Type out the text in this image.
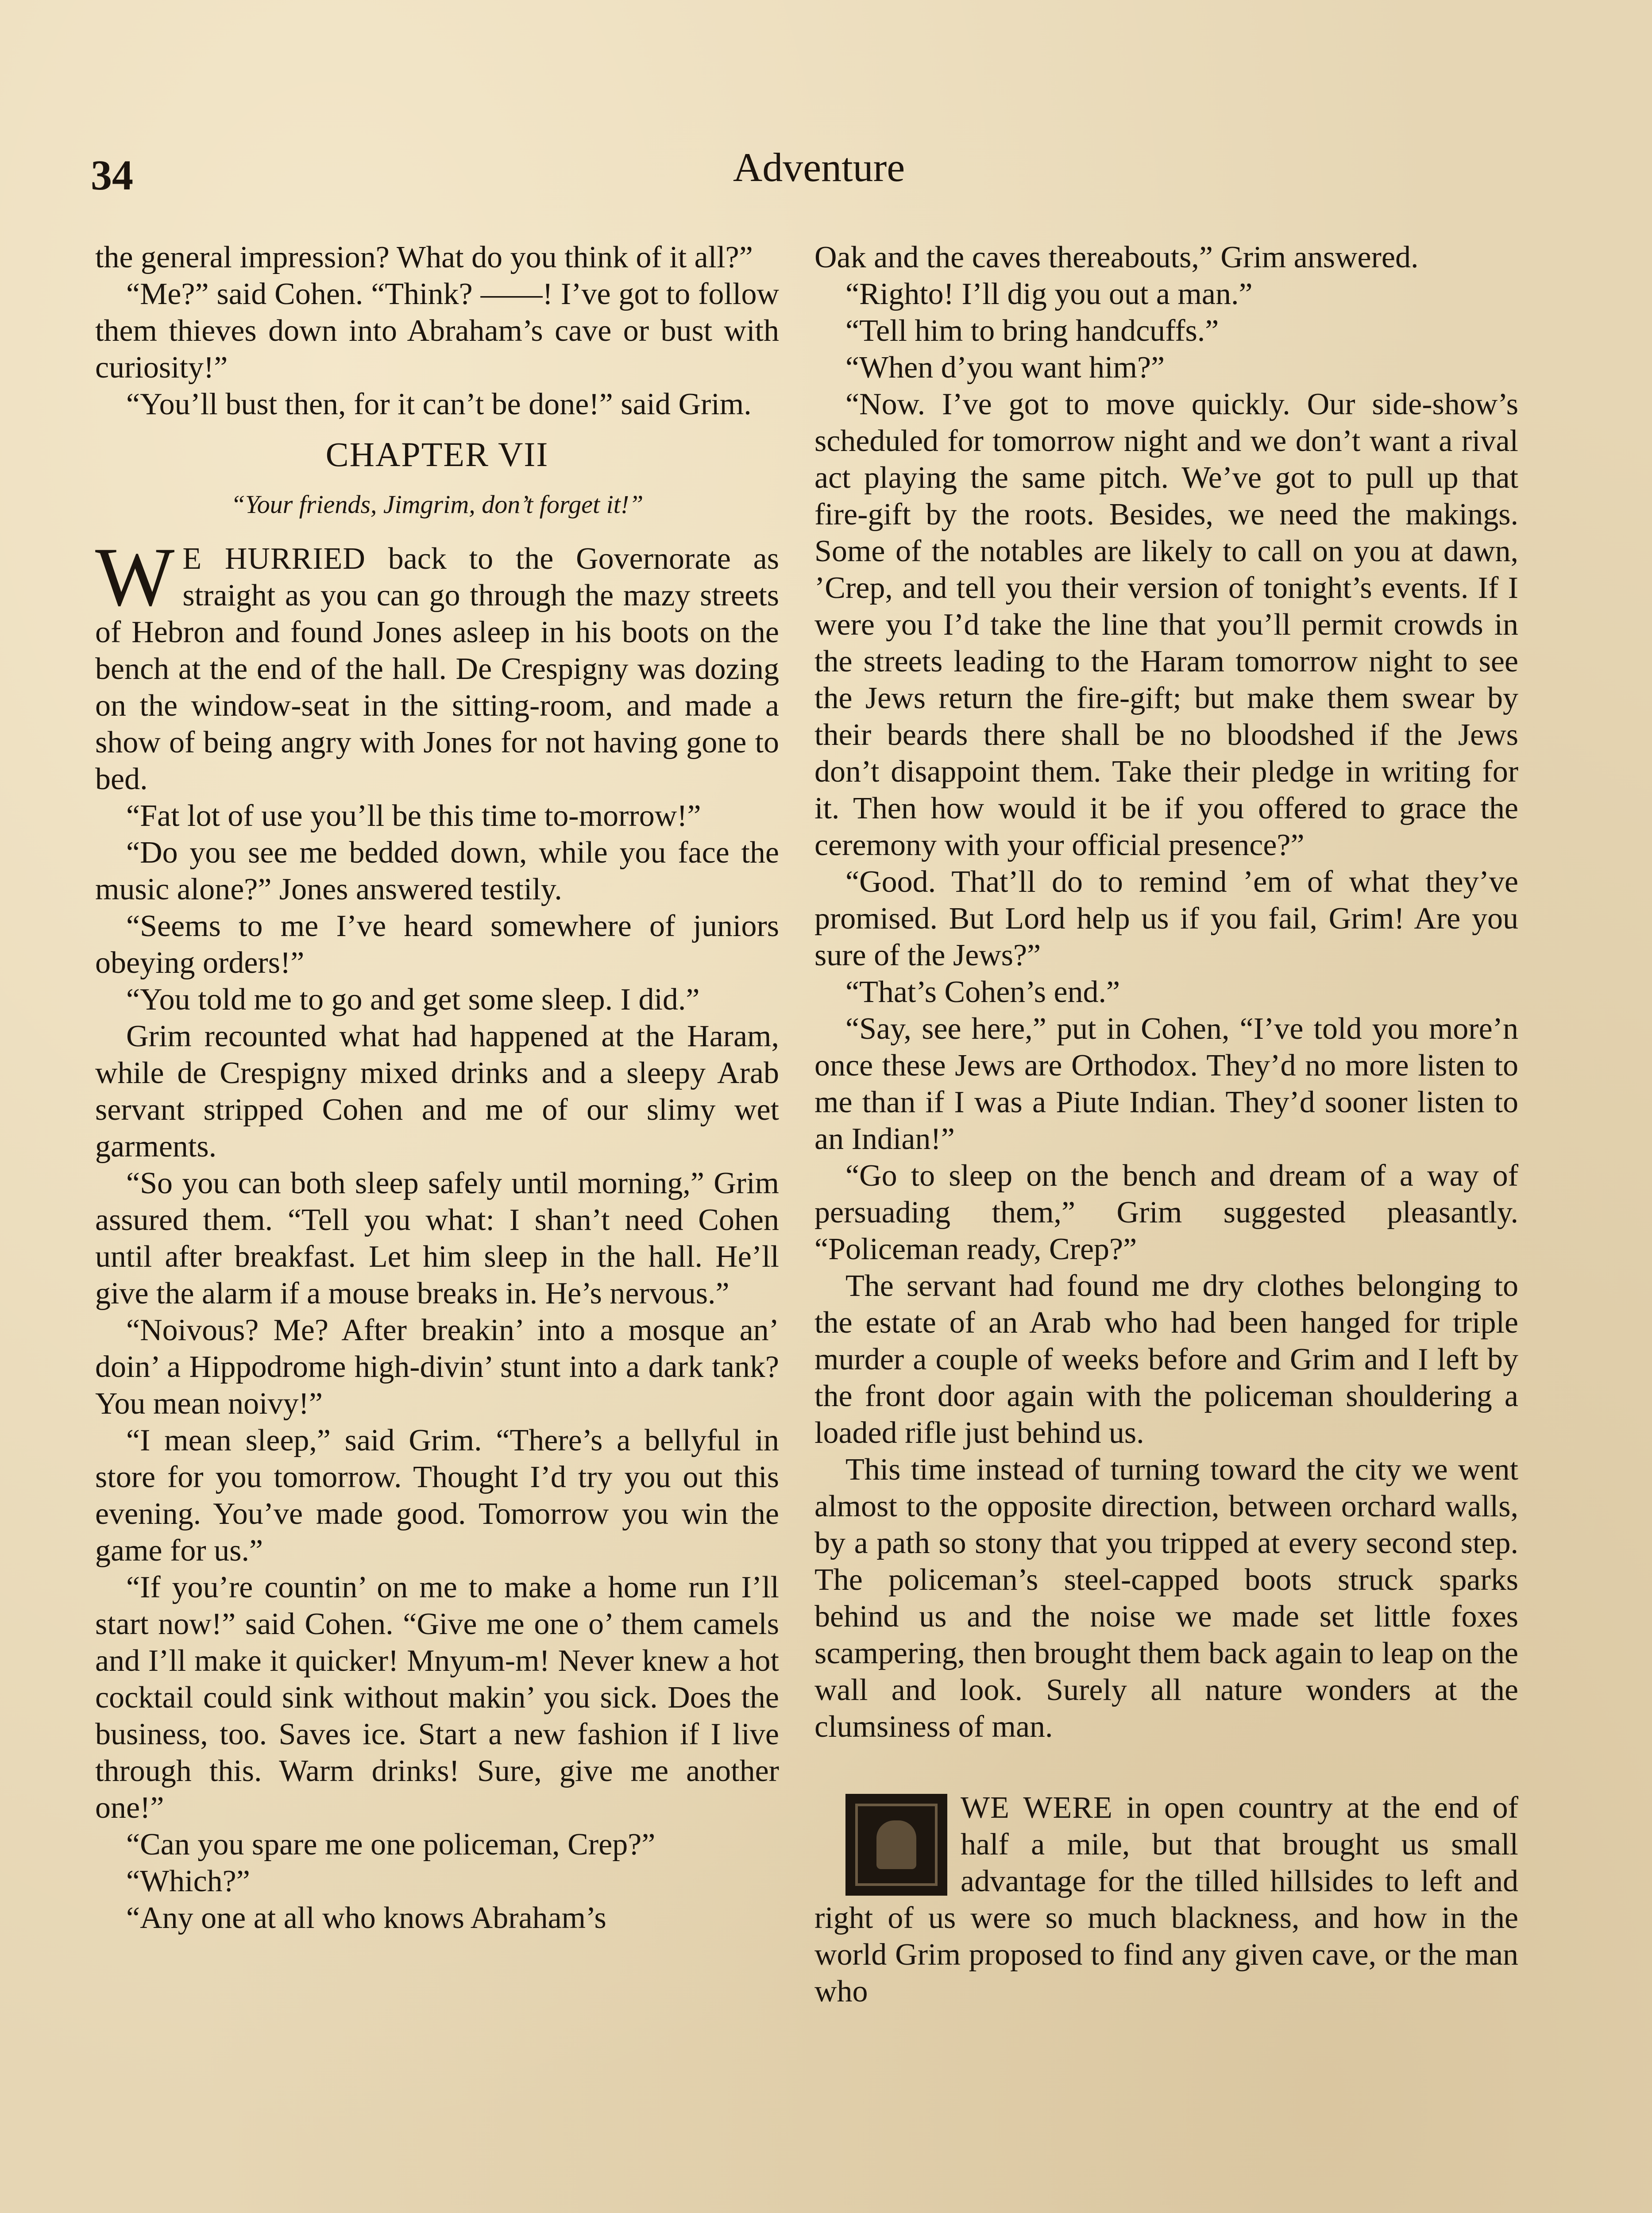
34	Adventure

the general impression? What do you think of it all?”

“Me?” said Cohen. “Think? ——! I’ve got to follow them thieves down into Abraham’s cave or bust with curiosity!”

“You’ll bust then, for it can’t be done!” said Grim.

CHAPTER VII
“Your friends, Jimgrim, don’t forget it!”

W E HURRIED back to the Governorate as straight as you can go through the mazy streets of Hebron and found Jones asleep in his boots on the bench at the end of the hall. De Crespigny was dozing on the window-seat in the sitting-room, and made a show of being angry with Jones for not having gone to bed.

“Fat lot of use you’ll be this time to-morrow!”

“Do you see me bedded down, while you face the music alone?” Jones answered testily.

“Seems to me I’ve heard somewhere of juniors obeying orders!”

“You told me to go and get some sleep. I did.”

Grim recounted what had happened at the Haram, while de Crespigny mixed drinks and a sleepy Arab servant stripped Cohen and me of our slimy wet garments.

“So you can both sleep safely until morning,” Grim assured them. “Tell you what: I shan’t need Cohen until after breakfast. Let him sleep in the hall. He’ll give the alarm if a mouse breaks in. He’s nervous.”

“Noivous? Me? After breakin’ into a mosque an’ doin’ a Hippodrome high-divin’ stunt into a dark tank? You mean noivy!”

“I mean sleep,” said Grim. “There’s a bellyful in store for you tomorrow. Thought I’d try you out this evening. You’ve made good. Tomorrow you win the game for us.”

“If you’re countin’ on me to make a home run I’ll start now!” said Cohen. “Give me one o’ them camels and I’ll make it quicker! Mnyum-m! Never knew a hot cocktail could sink without makin’ you sick. Does the business, too. Saves ice. Start a new fashion if I live through this. Warm drinks! Sure, give me another one!”

“Can you spare me one policeman, Crep?”

“Which?”

“Any one at all who knows Abraham’s

Oak and the caves thereabouts,” Grim answered.

“Righto! I’ll dig you out a man.”

“Tell him to bring handcuffs.”

“When d’you want him?”

“Now. I’ve got to move quickly. Our side-show’s scheduled for tomorrow night and we don’t want a rival act playing the same pitch. We’ve got to pull up that fire-gift by the roots. Besides, we need the makings. Some of the notables are likely to call on you at dawn, ’Crep, and tell you their version of tonight’s events. If I were you I’d take the line that you’ll permit crowds in the streets leading to the Haram tomorrow night to see the Jews return the fire-gift; but make them swear by their beards there shall be no bloodshed if the Jews don’t disappoint them. Take their pledge in writing for it. Then how would it be if you offered to grace the ceremony with your official presence?”

“Good. That’ll do to remind ’em of what they’ve promised. But Lord help us if you fail, Grim! Are you sure of the Jews?”

“That’s Cohen’s end.”

“Say, see here,” put in Cohen, “I’ve told you more’n once these Jews are Orthodox. They’d no more listen to me than if I was a Piute Indian. They’d sooner listen to an Indian!”

“Go to sleep on the bench and dream of a way of persuading them,” Grim suggested pleasantly. “Policeman ready, Crep?”

The servant had found me dry clothes belonging to the estate of an Arab who had been hanged for triple murder a couple of weeks before and Grim and I left by the front door again with the policeman shouldering a loaded rifle just behind us.

This time instead of turning toward the city we went almost to the opposite direction, between orchard walls, by a path so stony that you tripped at every second step. The policeman’s steel-capped boots struck sparks behind us and the noise we made set little foxes scampering, then brought them back again to leap on the wall and look. Surely all nature wonders at the clumsiness of man.

WE WERE in open country at the end of half a mile, but that brought us small advantage for the tilled hillsides to left and right of us were so much blackness, and how in the world Grim proposed to find any given cave, or the man who
